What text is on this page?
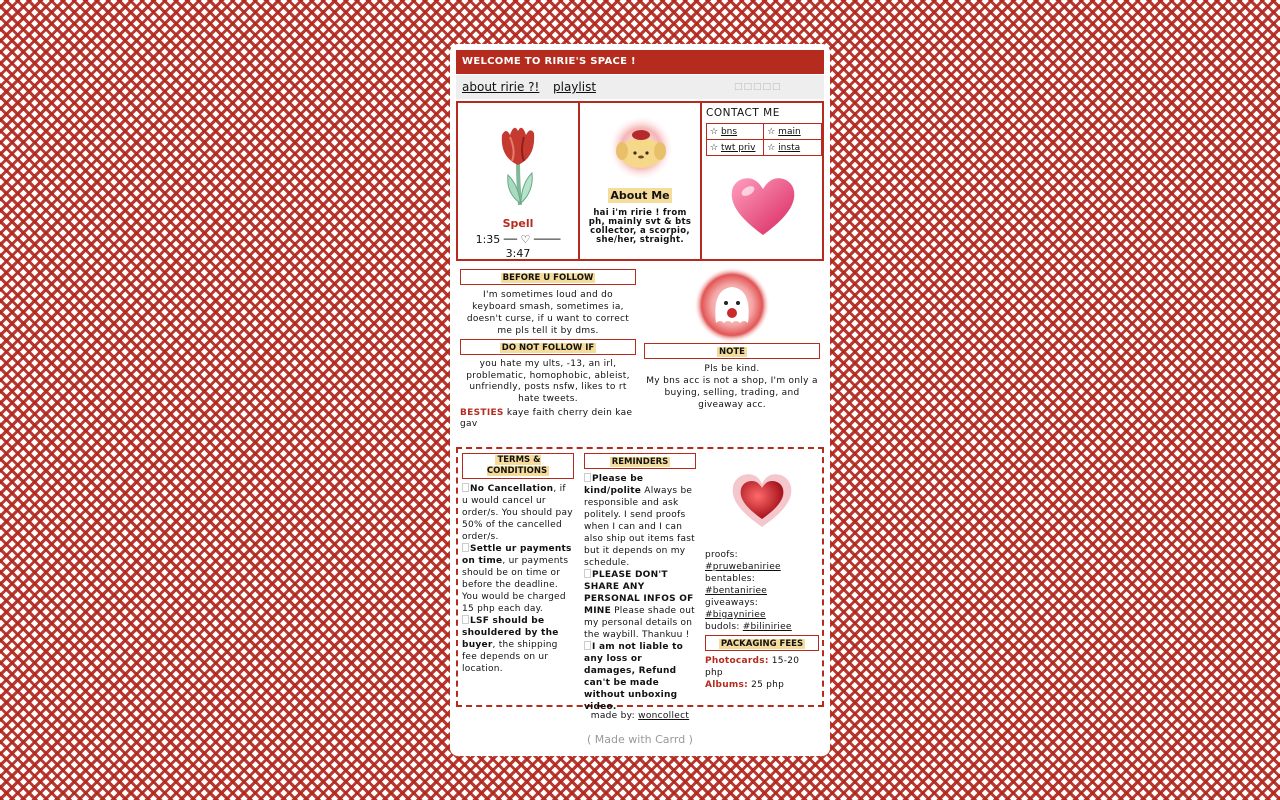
WELCOME TO RIRIE'S SPACE !
about ririe ?! playlist	□□□□□
Spell
1:35 ── ♡ ────
3:47
About Me
hai i'm ririe ! from ph, mainly svt & bts collector, a scorpio, she/her, straight.
CONTACT ME
☆ bns	☆ main
☆ twt priv	☆ insta
BEFORE U FOLLOW
I'm sometimes loud and do keyboard smash, sometimes ia, doesn't curse, if u want to correct me pls tell it by dms.
DO NOT FOLLOW IF
you hate my ults, -13, an irl, problematic, homophobic, ableist, unfriendly, posts nsfw, likes to rt hate tweets.
BESTIES kaye faith cherry dein kae gav
NOTE
Pls be kind.
My bns acc is not a shop, I'm only a buying, selling, trading, and giveaway acc.
TERMS & CONDITIONS
No Cancellation, if u would cancel ur order/s. You should pay 50% of the cancelled order/s.
Settle ur payments on time, ur payments should be on time or before the deadline. You would be charged 15 php each day.
LSF should be shouldered by the buyer, the shipping fee depends on ur location.
REMINDERS
Please be kind/polite Always be responsible and ask politely. I send proofs when I can and I can also ship out items fast but it depends on my schedule.
PLEASE DON'T SHARE ANY PERSONAL INFOS OF MINE Please shade out my personal details on the waybill. Thankuu !
I am not liable to any loss or damages, Refund can't be made without unboxing video.
proofs:
#pruwebaniriee
bentables:
#bentaniriee
giveaways:
#bigayniriee
budols: #biliniriee
PACKAGING FEES
Photocards: 15-20 php
Albums: 25 php
made by: woncollect
( Made with Carrd )
